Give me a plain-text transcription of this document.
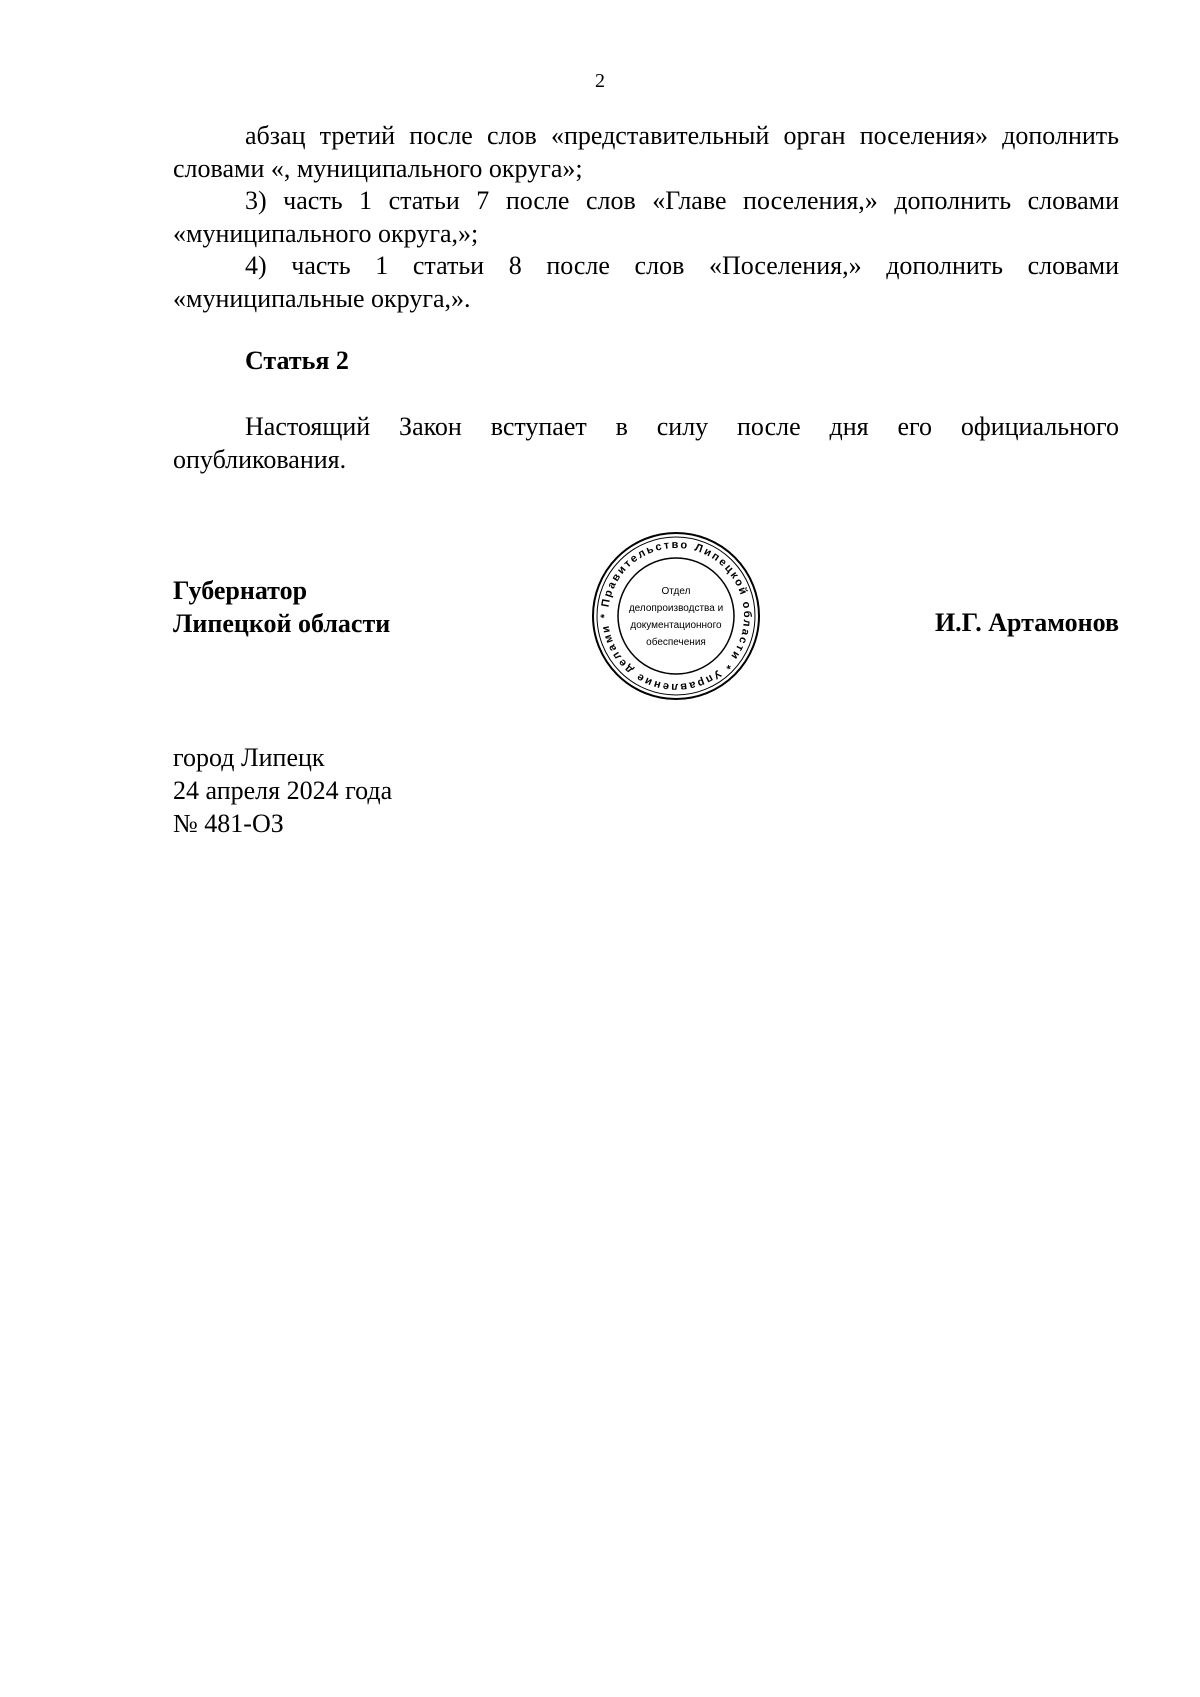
2

абзац третий после слов «представительный орган поселения» дополнить словами «, муниципального округа»;

3) часть 1 статьи 7 после слов «Главе поселения,» дополнить словами «муниципального округа,»;

4) часть 1 статьи 8 после слов «Поселения,» дополнить словами «муниципальные округа,».

Статья 2

Настоящий Закон вступает в силу после дня его официального опубликования.

Губернатор
Липецкой области
Правительство Липецкой области * Управление делами *
Отдел
делопроизводства и
документационного
обеспечения
И.Г. Артамонов
город Липецк
24 апреля 2024 года
№ 481-ОЗ
